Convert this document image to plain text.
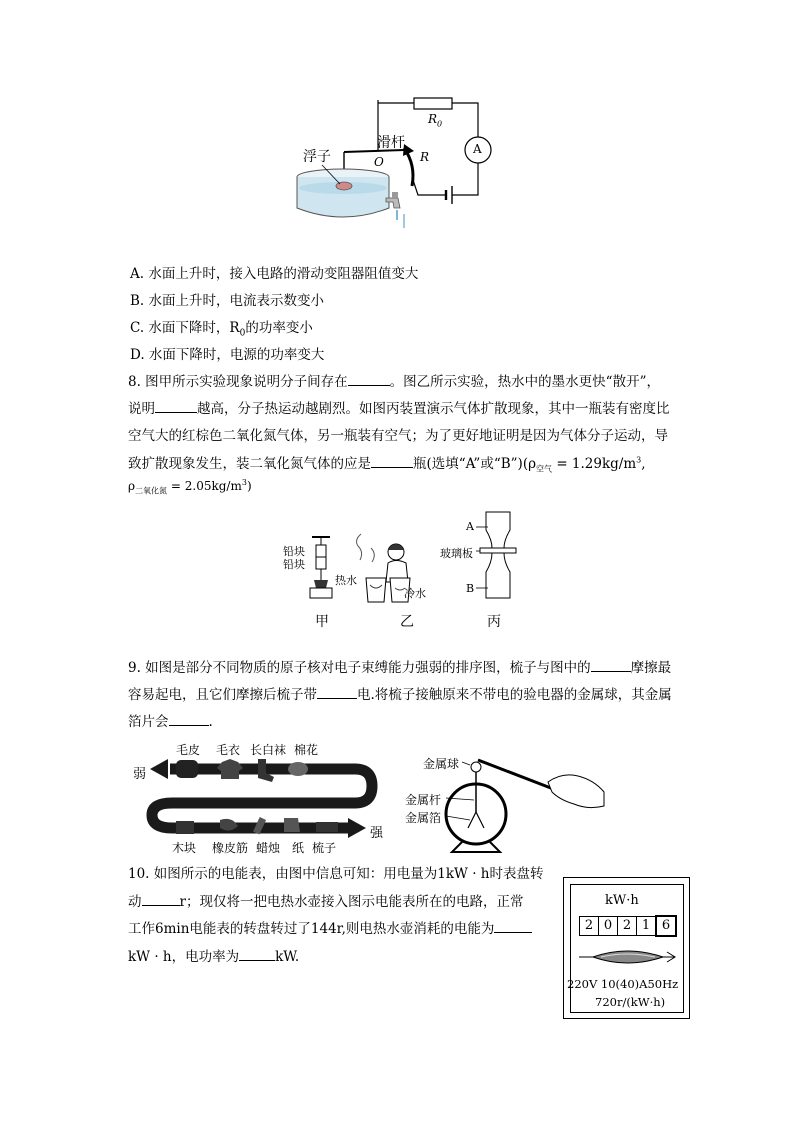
浮子
滑杆
O	R
$R_0$
A
A. 水面上升时，接入电路的滑动变阻器阻值变大
B. 水面上升时，电流表示数变小
C. 水面下降时，$R_0$的功率变小
D. 水面下降时，电源的功率变大
8. 图甲所示实验现象说明分子间存在	。图乙所示实验，热水中的墨水更快“散开”，
说明	越高，分子热运动越剧烈。如图丙装置演示气体扩散现象，其中一瓶装有密度比
空气大的红棕色二氧化氮气体，另一瓶装有空气；为了更好地证明是因为气体分子运动，导
致扩散现象发生，装二氧化氮气体的应是	瓶(选填“A”或“$B”)(\rho_{空气} = 1.29kg/m^3$,
$\rho_{二氧化氮} = 2.05kg/m^3$)
铅块
铅块
热水
冷水
玻璃板
A
B
甲	乙	丙
9. 如图是部分不同物质的原子核对电子束缚能力强弱的排序图，梳子与图中的	摩擦最
容易起电，且它们摩擦后梳子带	电.将梳子接触原来不带电的验电器的金属球，其金属
箔片会	.
弱
强
毛皮 毛衣 长白袜 棉花
木块 橡皮筋 蜡烛 纸 梳子
金属球
金属杆
金属箔
10. 如图所示的电能表，由图中信息可知：用电量为1kW · h时表盘转
动	r；现仅将一把电热水壶接入图示电能表所在的电路，正常
工作6min电能表的转盘转过了144r,则电热水壶消耗的电能为
kW · h，电功率为	kW.
kW·h
2 0 2 1 6
220V 10(40)A50Hz
720r/(kW·h)
